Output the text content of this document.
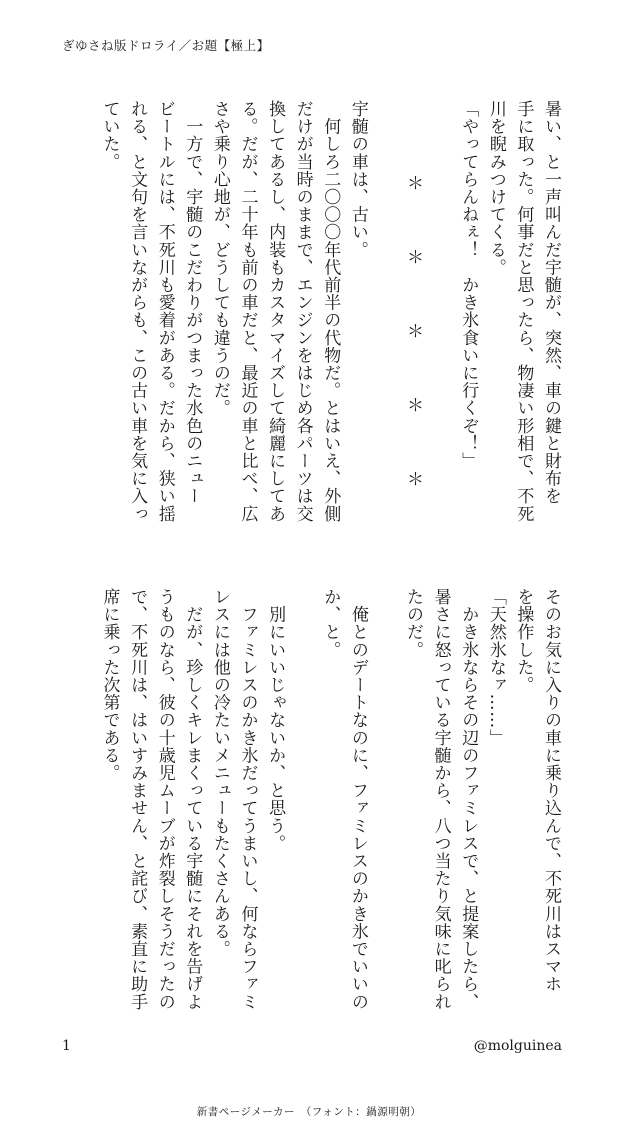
ぎゆさね版ドロライ／お題【極上】
暑い、と一声叫んだ宇髄が、突然、車の鍵と財布を
手に取った。何事だと思ったら、物凄い形相で、不死
川を睨みつけてくる。
「やってらんねぇ！　かき氷食いに行くぞ！」

　　＊　＊　＊　＊　＊

宇髄の車は、古い。
　何しろ二〇〇〇年代前半の代物だ。とはいえ、外側
だけが当時のままで、エンジンをはじめ各パーツは交
換してあるし、内装もカスタマイズして綺麗にしてあ
る。だが、二十年も前の車だと、最近の車と比べ、広
さや乗り心地が、どうしても違うのだ。
　一方で、宇髄のこだわりがつまった水色のニュー
ビートルには、不死川も愛着がある。だから、狭い揺
れる、と文句を言いながらも、この古い車を気に入っ
ていた。
そのお気に入りの車に乗り込んで、不死川はスマホ
を操作した。
「天然氷なァ……」
　かき氷ならその辺のファミレスで、と提案したら、
暑さに怒っている宇髄から、八つ当たり気味に叱られ
たのだ。

　俺とのデートなのに、ファミレスのかき氷でいいの
か、と。

　別にいいじゃないか、と思う。
　ファミレスのかき氷だってうまいし、何ならファミ
レスには他の冷たいメニューもたくさんある。
　だが、珍しくキレまくっている宇髄にそれを告げよ
うものなら、彼の十歳児ムーブが炸裂しそうだったの
で、不死川は、はいすみません、と詫び、素直に助手
席に乗った次第である。
1	@molguinea
新書ページメーカー　（フォント：鍋源明朝）
